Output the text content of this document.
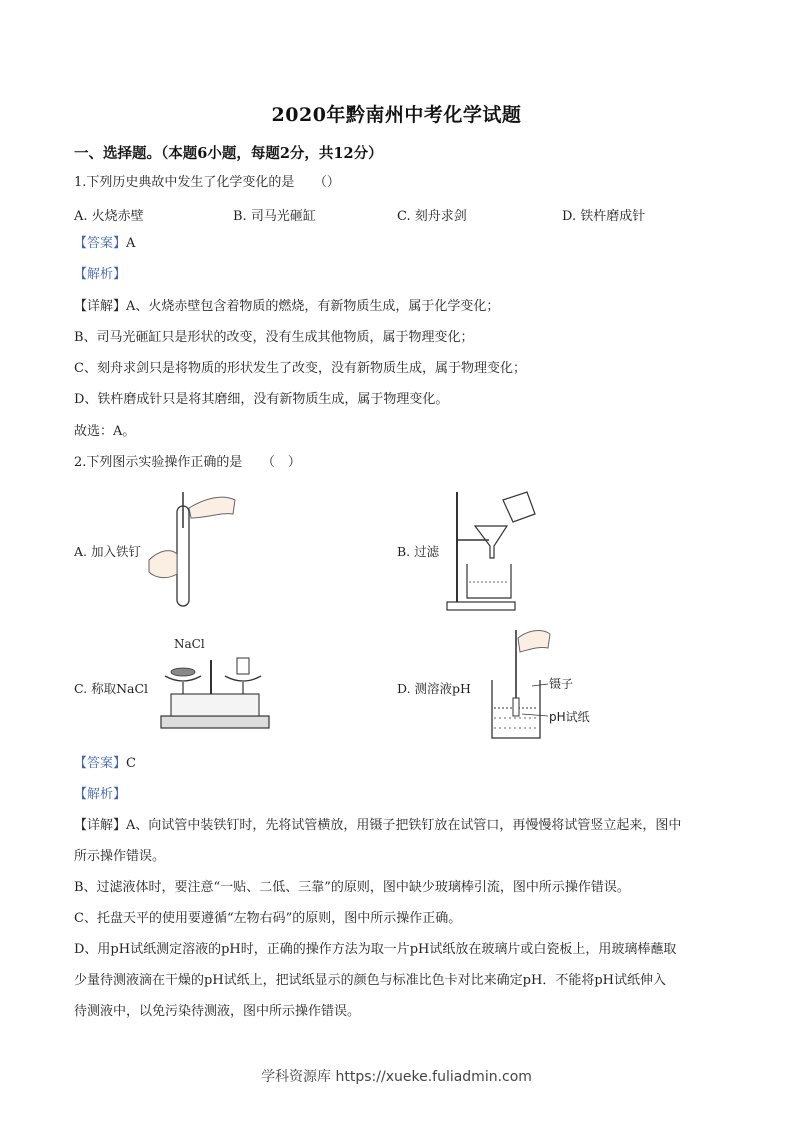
2020年黔南州中考化学试题
一、选择题。（本题6小题，每题2分，共12分）
1.下列历史典故中发生了化学变化的是　　（）
A. 火烧赤壁	B. 司马光砸缸	C. 刻舟求剑	D. 铁杵磨成针
【答案】A
【解析】
【详解】A、火烧赤壁包含着物质的燃烧，有新物质生成，属于化学变化；
B、司马光砸缸只是形状的改变，没有生成其他物质，属于物理变化；
C、刻舟求剑只是将物质的形状发生了改变，没有新物质生成，属于物理变化；
D、铁杵磨成针只是将其磨细，没有新物质生成，属于物理变化。
故选：A。
2.下列图示实验操作正确的是　　（　）
A. 加入铁钉	B. 过滤
C. 称取NaCl
NaCl
D. 测溶液pH	镊子
pH试纸
【答案】C
【解析】
【详解】A、向试管中装铁钉时，先将试管横放，用镊子把铁钉放在试管口，再慢慢将试管竖立起来，图中
所示操作错误。
B、过滤液体时，要注意“一贴、二低、三靠”的原则，图中缺少玻璃棒引流，图中所示操作错误。
C、托盘天平的使用要遵循“左物右码”的原则，图中所示操作正确。
D、用pH试纸测定溶液的pH时，正确的操作方法为取一片pH试纸放在玻璃片或白瓷板上，用玻璃棒蘸取
少量待测液滴在干燥的pH试纸上，把试纸显示的颜色与标准比色卡对比来确定pH．不能将pH试纸伸入
待测液中，以免污染待测液，图中所示操作错误。
学科资源库 https://xueke.fuliadmin.com
